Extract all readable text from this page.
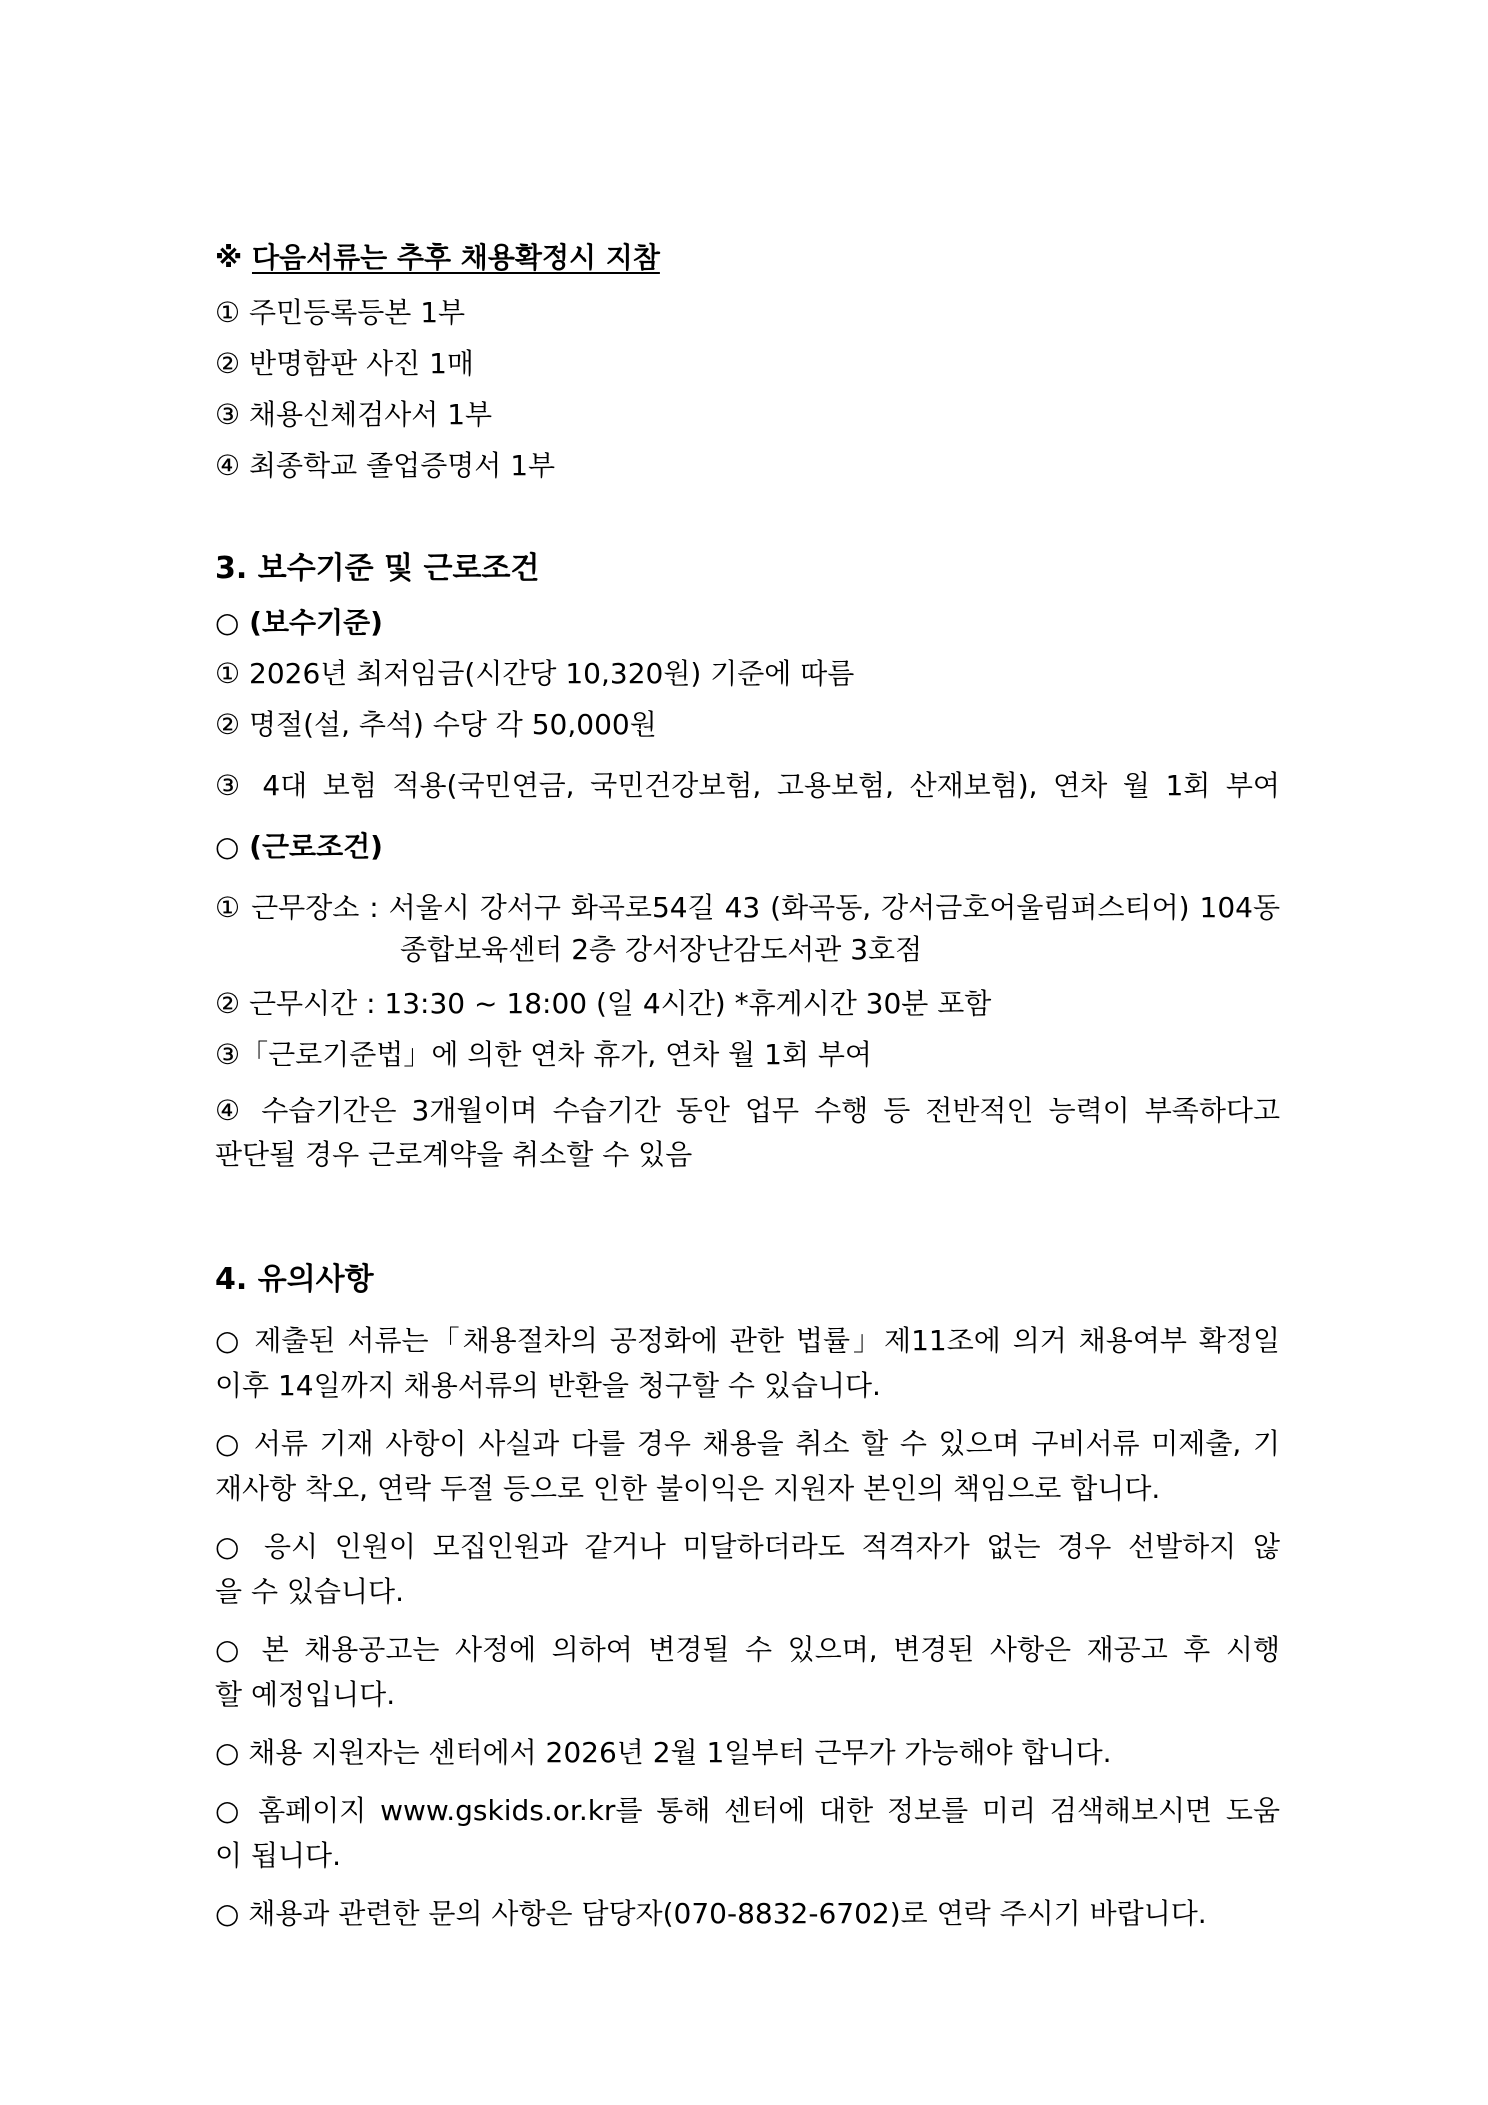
※ 다음서류는 추후 채용확정시 지참
① 주민등록등본 1부
② 반명함판 사진 1매
③ 채용신체검사서 1부
④ 최종학교 졸업증명서 1부
3. 보수기준 및 근로조건
○ (보수기준)
① 2026년 최저임금(시간당 10,320원) 기준에 따름
② 명절(설, 추석) 수당 각 50,000원
③ 4대 보험 적용(국민연금, 국민건강보험, 고용보험, 산재보험), 연차 월 1회 부여
○ (근로조건)
① 근무장소 : 서울시 강서구 화곡로54길 43 (화곡동, 강서금호어울림퍼스티어) 104동
종합보육센터 2층 강서장난감도서관 3호점
② 근무시간 : 13:30 ~ 18:00 (일 4시간) *휴게시간 30분 포함
③「근로기준법」에 의한 연차 휴가, 연차 월 1회 부여
④ 수습기간은 3개월이며 수습기간 동안 업무 수행 등 전반적인 능력이 부족하다고
판단될 경우 근로계약을 취소할 수 있음
4. 유의사항
○ 제출된 서류는「채용절차의 공정화에 관한 법률」제11조에 의거 채용여부 확정일
이후 14일까지 채용서류의 반환을 청구할 수 있습니다.
○ 서류 기재 사항이 사실과 다를 경우 채용을 취소 할 수 있으며 구비서류 미제출, 기
재사항 착오, 연락 두절 등으로 인한 불이익은 지원자 본인의 책임으로 합니다.
○ 응시 인원이 모집인원과 같거나 미달하더라도 적격자가 없는 경우 선발하지 않
을 수 있습니다.
○ 본 채용공고는 사정에 의하여 변경될 수 있으며, 변경된 사항은 재공고 후 시행
할 예정입니다.
○ 채용 지원자는 센터에서 2026년 2월 1일부터 근무가 가능해야 합니다.
○ 홈페이지 www.gskids.or.kr를 통해 센터에 대한 정보를 미리 검색해보시면 도움
이 됩니다.
○ 채용과 관련한 문의 사항은 담당자(070-8832-6702)로 연락 주시기 바랍니다.
